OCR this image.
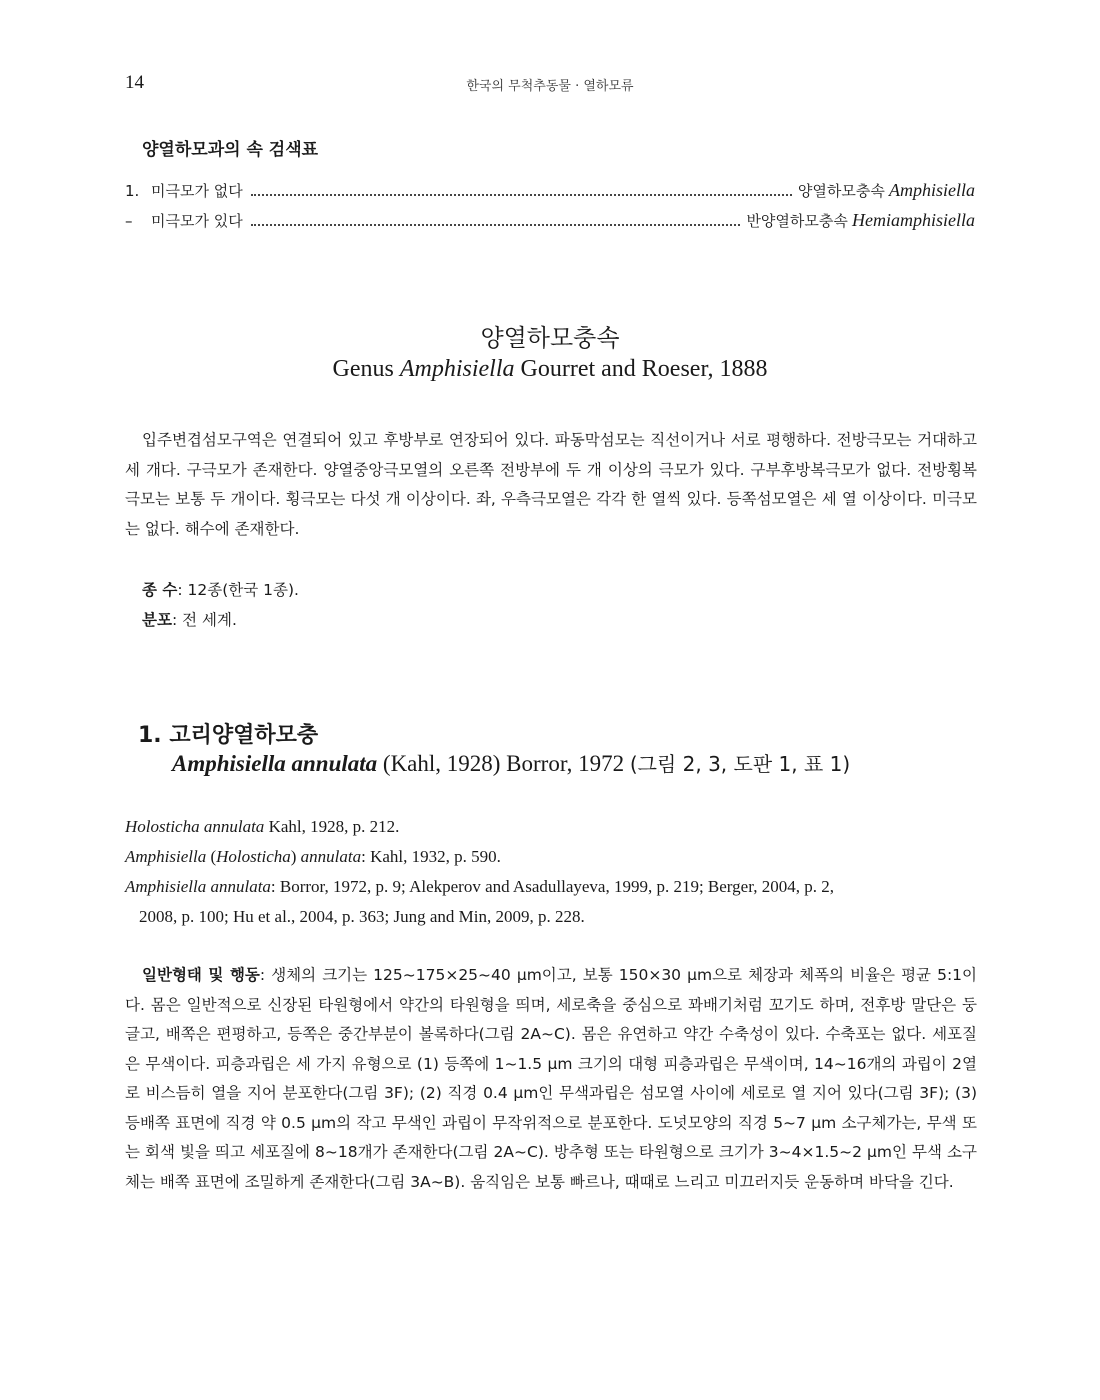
14	한국의 무척추동물 · 열하모류
양열하모과의 속 검색표
1. 미극모가 없다	양열하모충속 Amphisiella
–	미극모가 있다	반양열하모충속 Hemiamphisiella
양열하모충속
Genus Amphisiella Gourret and Roeser, 1888

입주변겹섬모구역은 연결되어 있고 후방부로 연장되어 있다. 파동막섬모는 직선이거나 서로 평행하다. 전방극모는 거대하고 세 개다. 구극모가 존재한다. 양열중앙극모열의 오른쪽 전방부에 두 개 이상의 극모가 있다. 구부후방복극모가 없다. 전방횡복극모는 보통 두 개이다. 횡극모는 다섯 개 이상이다. 좌, 우측극모열은 각각 한 열씩 있다. 등쪽섬모열은 세 열 이상이다. 미극모는 없다. 해수에 존재한다.

종 수: 12종(한국 1종).
분포: 전 세계.
1. 고리양열하모충
Amphisiella annulata (Kahl, 1928) Borror, 1972 (그림 2, 3, 도판 1, 표 1)
Holosticha annulata Kahl, 1928, p. 212.
Amphisiella (Holosticha) annulata: Kahl, 1932, p. 590.
Amphisiella annulata: Borror, 1972, p. 9; Alekperov and Asadullayeva, 1999, p. 219; Berger, 2004, p. 2,
2008, p. 100; Hu et al., 2004, p. 363; Jung and Min, 2009, p. 228.

일반형태 및 행동: 생체의 크기는 125~175×25~40 μm이고, 보통 150×30 μm으로 체장과 체폭의 비율은 평균 5:1이다. 몸은 일반적으로 신장된 타원형에서 약간의 타원형을 띄며, 세로축을 중심으로 꽈배기처럼 꼬기도 하며, 전후방 말단은 둥글고, 배쪽은 편평하고, 등쪽은 중간부분이 볼록하다(그림 2A~C). 몸은 유연하고 약간 수축성이 있다. 수축포는 없다. 세포질은 무색이다. 피층과립은 세 가지 유형으로 (1) 등쪽에 1~1.5 μm 크기의 대형 피층과립은 무색이며, 14~16개의 과립이 2열로 비스듬히 열을 지어 분포한다(그림 3F); (2) 직경 0.4 μm인 무색과립은 섬모열 사이에 세로로 열 지어 있다(그림 3F); (3) 등배쪽 표면에 직경 약 0.5 μm의 작고 무색인 과립이 무작위적으로 분포한다. 도넛모양의 직경 5~7 μm 소구체가는, 무색 또는 회색 빛을 띄고 세포질에 8~18개가 존재한다(그림 2A~C). 방추형 또는 타원형으로 크기가 3~4×1.5~2 μm인 무색 소구체는 배쪽 표면에 조밀하게 존재한다(그림 3A~B). 움직임은 보통 빠르나, 때때로 느리고 미끄러지듯 운동하며 바닥을 긴다.
